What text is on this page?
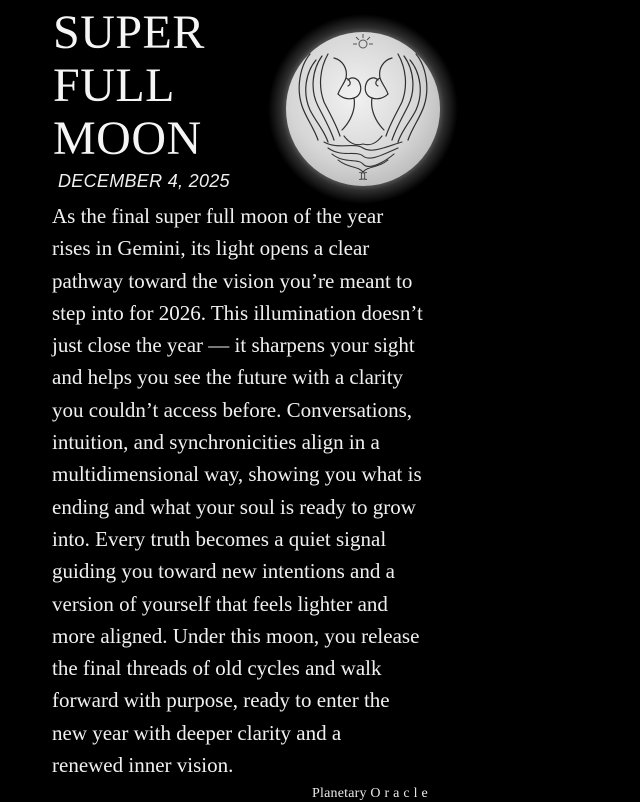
SUPER
FULL
MOON
DECEMBER 4, 2025	♊

As the final super full moon of the year
rises in Gemini, its light opens a clear
pathway toward the vision you’re meant to
step into for 2026. This illumination doesn’t
just close the year — it sharpens your sight
and helps you see the future with a clarity
you couldn’t access before. Conversations,
intuition, and synchronicities align in a
multidimensional way, showing you what is
ending and what your soul is ready to grow
into. Every truth becomes a quiet signal
guiding you toward new intentions and a
version of yourself that feels lighter and
more aligned. Under this moon, you release
the final threads of old cycles and walk
forward with purpose, ready to enter the
new year with deeper clarity and a
renewed inner vision.

Planetary Oracle
